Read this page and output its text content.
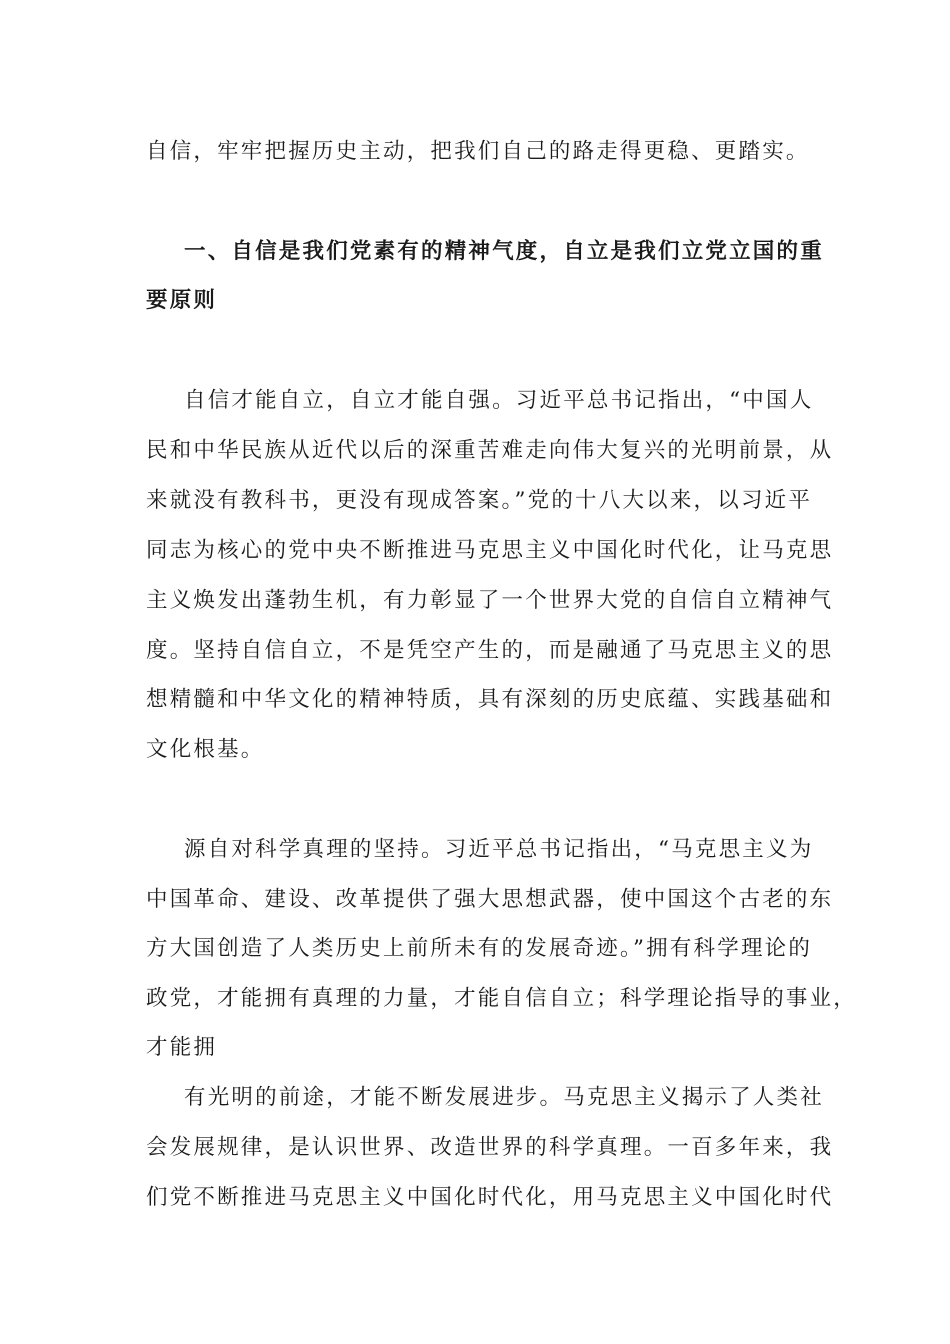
自信，牢牢把握历史主动，把我们自己的路走得更稳、更踏实。
一、自信是我们党素有的精神气度，自立是我们立党立国的重
要原则
自信才能自立，自立才能自强。习近平总书记指出，“中国人
民和中华民族从近代以后的深重苦难走向伟大复兴的光明前景，从
来就没有教科书，更没有现成答案。”党的十八大以来，以习近平
同志为核心的党中央不断推进马克思主义中国化时代化，让马克思
主义焕发出蓬勃生机，有力彰显了一个世界大党的自信自立精神气
度。坚持自信自立，不是凭空产生的，而是融通了马克思主义的思
想精髓和中华文化的精神特质，具有深刻的历史底蕴、实践基础和
文化根基。
源自对科学真理的坚持。习近平总书记指出，“马克思主义为
中国革命、建设、改革提供了强大思想武器，使中国这个古老的东
方大国创造了人类历史上前所未有的发展奇迹。”拥有科学理论的
政党，才能拥有真理的力量，才能自信自立；科学理论指导的事业，
才能拥
有光明的前途，才能不断发展进步。马克思主义揭示了人类社
会发展规律，是认识世界、改造世界的科学真理。一百多年来，我
们党不断推进马克思主义中国化时代化，用马克思主义中国化时代
